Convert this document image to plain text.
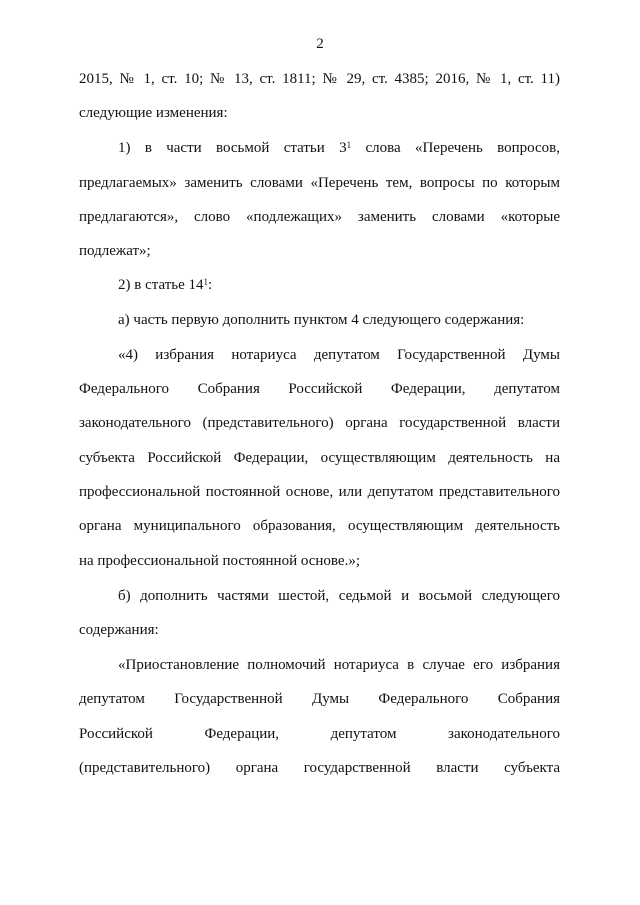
2
2015, № 1, ст. 10; № 13, ст. 1811; № 29, ст. 4385; 2016, № 1, ст. 11)
следующие изменения:
1) в части восьмой статьи $3^1$ слова «Перечень вопросов,
предлагаемых» заменить словами «Перечень тем, вопросы по которым
предлагаются», слово «подлежащих» заменить словами «которые
подлежат»;
2) в статье $14^1$:
а) часть первую дополнить пунктом 4 следующего содержания:
«4) избрания нотариуса депутатом Государственной Думы
Федерального Собрания Российской Федерации, депутатом
законодательного (представительного) органа государственной власти
субъекта Российской Федерации, осуществляющим деятельность на
профессиональной постоянной основе, или депутатом представительного
органа муниципального образования, осуществляющим деятельность
на профессиональной постоянной основе.»;
б) дополнить частями шестой, седьмой и восьмой следующего
содержания:
«Приостановление полномочий нотариуса в случае его избрания
депутатом Государственной Думы Федерального Собрания
Российской Федерации, депутатом законодательного
(представительного) органа государственной власти субъекта
